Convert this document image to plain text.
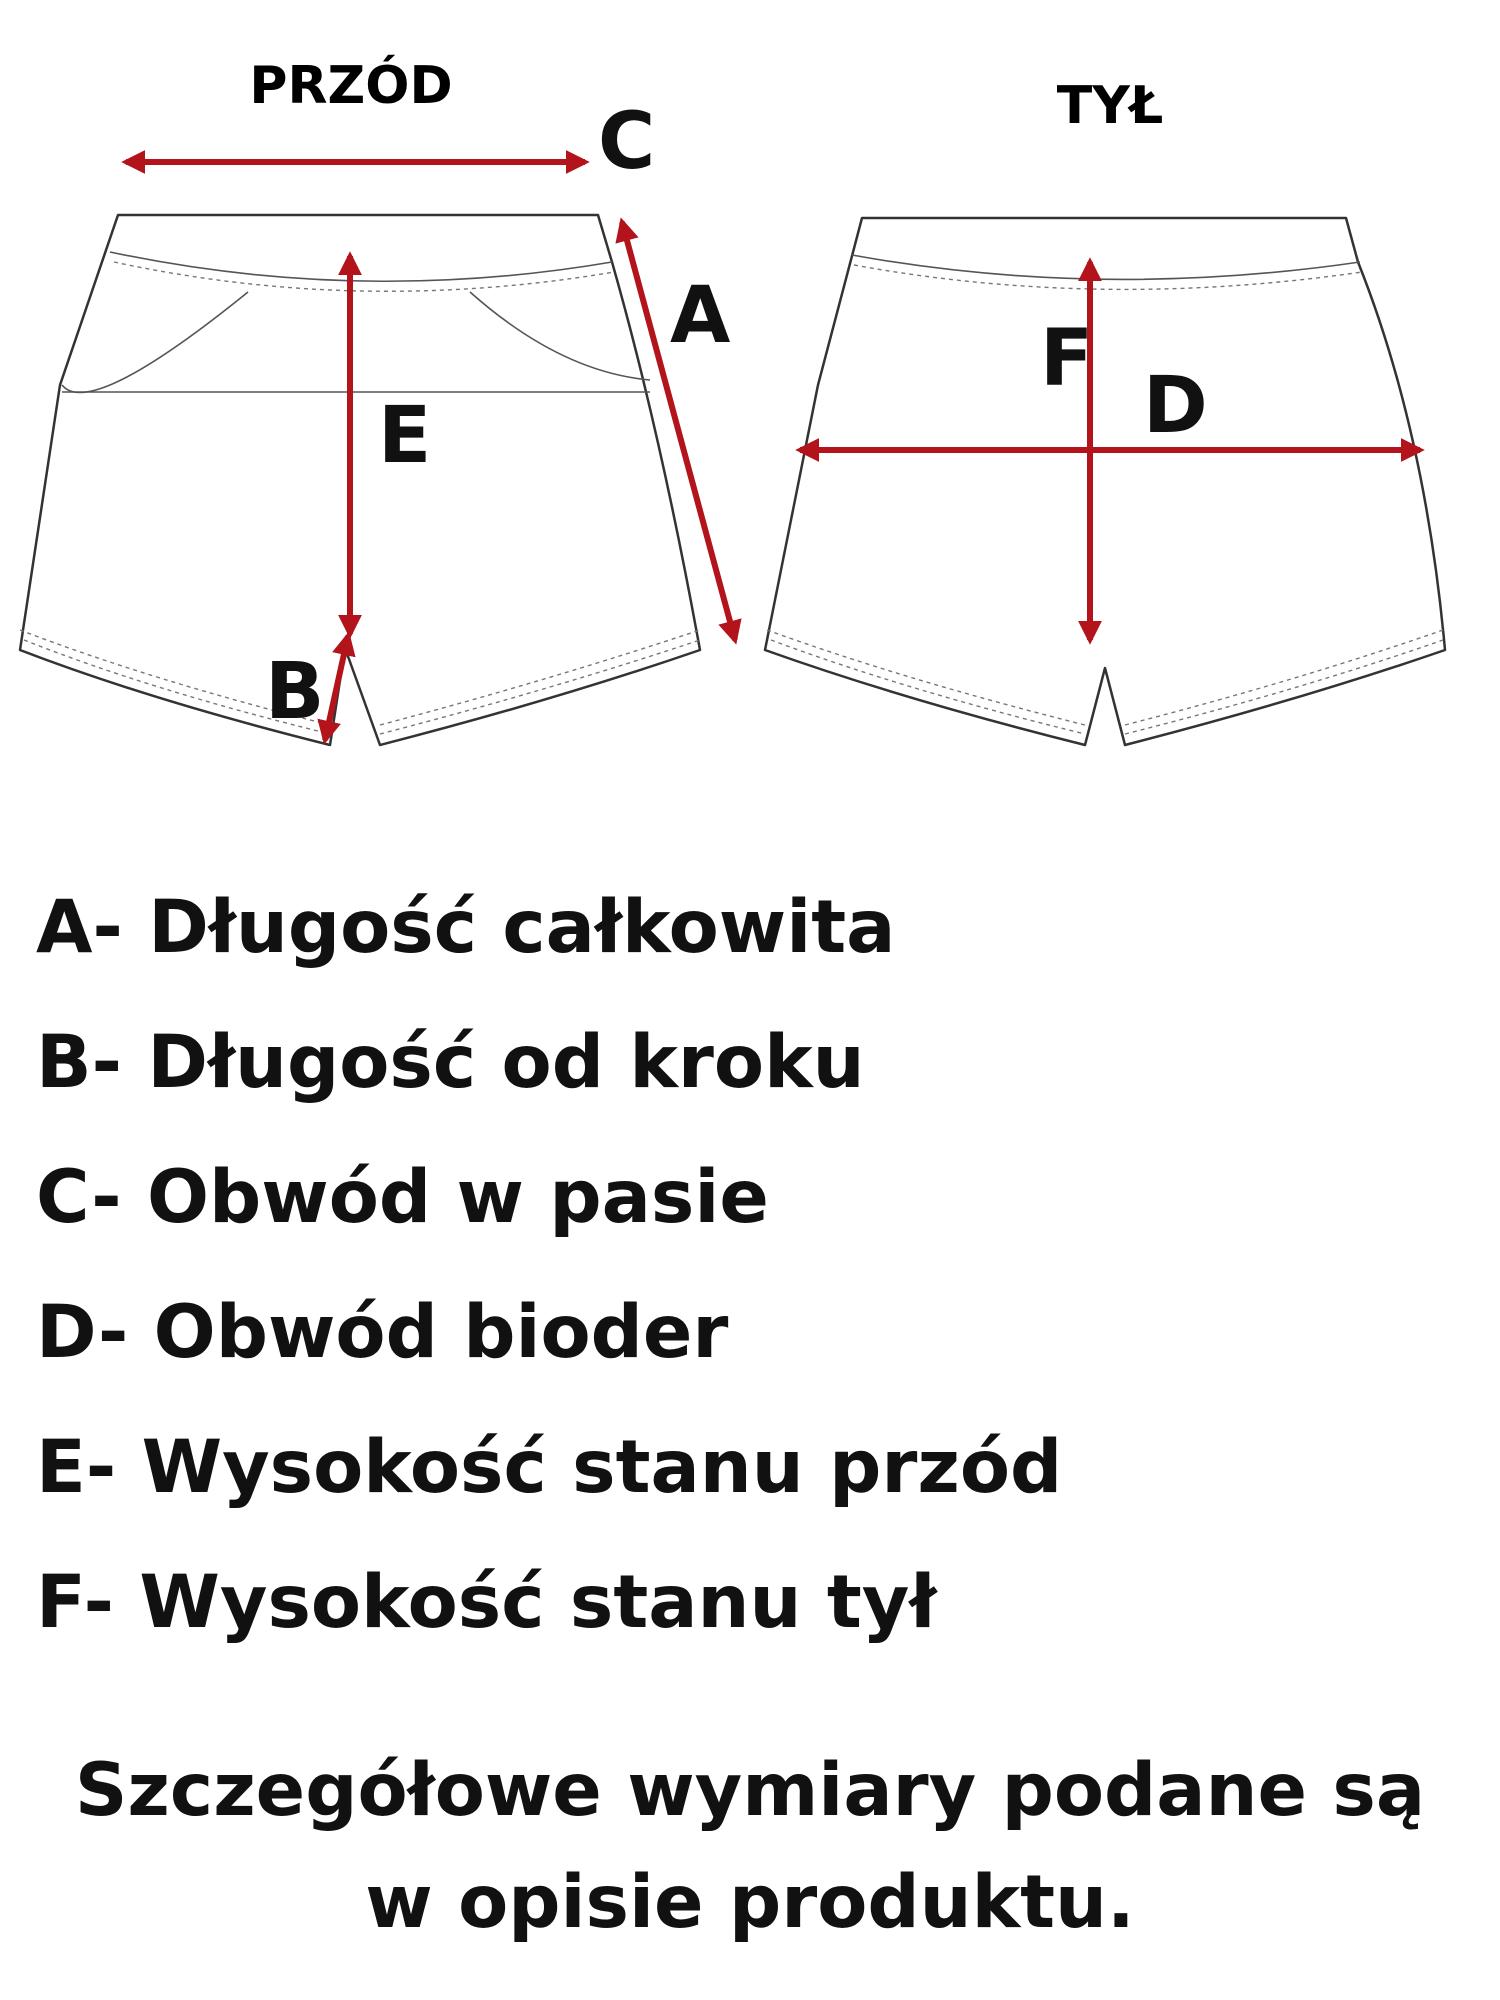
PRZÓD	TYŁ
C
A
E
B
F
D
A- Długość całkowita
B- Długość od kroku
C- Obwód w pasie
D- Obwód bioder
E- Wysokość stanu przód
F- Wysokość stanu tył
Szczegółowe wymiary podane są
w opisie produktu.
